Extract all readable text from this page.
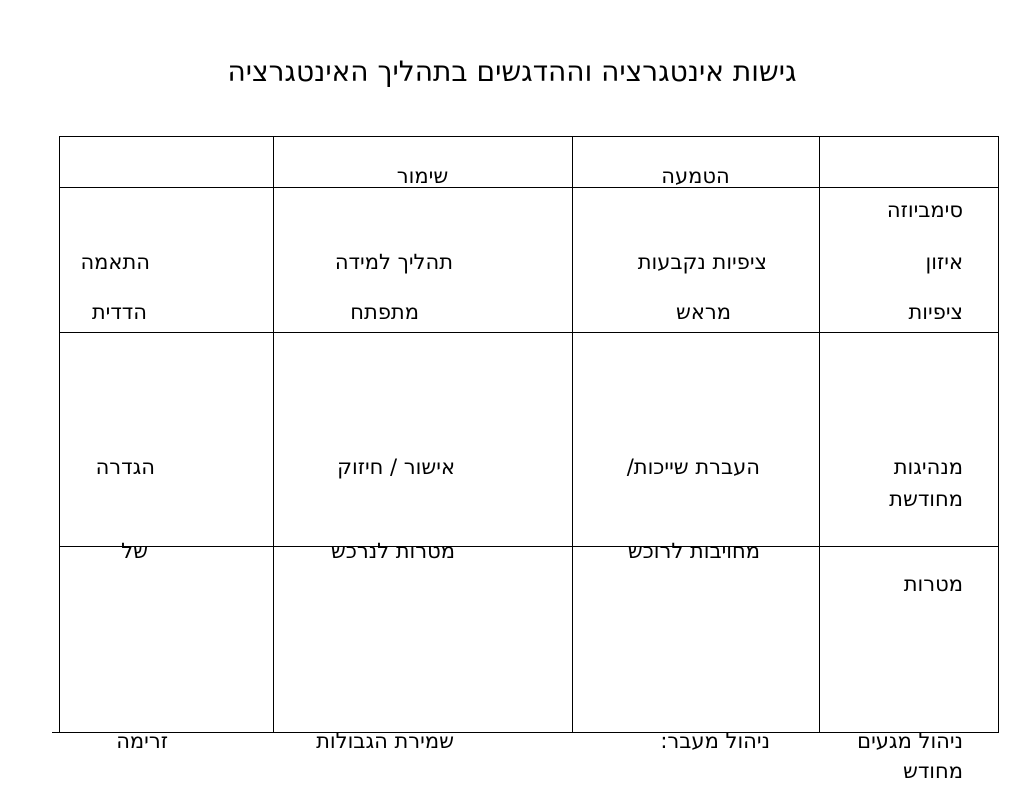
גישות אינטגרציה וההדגשים בתהליך האינטגרציה
הטמעה
שימור
סימביוזה
איזון
ציפיות
ציפיות נקבעות
מראש
תהליך למידה
מתפתח
התאמה
הדדית
מנהיגות
מחודשת
מטרות
העברת שייכות/
מחויבות לרוכש
אישור / חיזוק
מטרות לנרכש
הגדרה
של
ניהול מגעים
מחודש
ניהול מעבר:
שמירת הגבולות
זרימה
